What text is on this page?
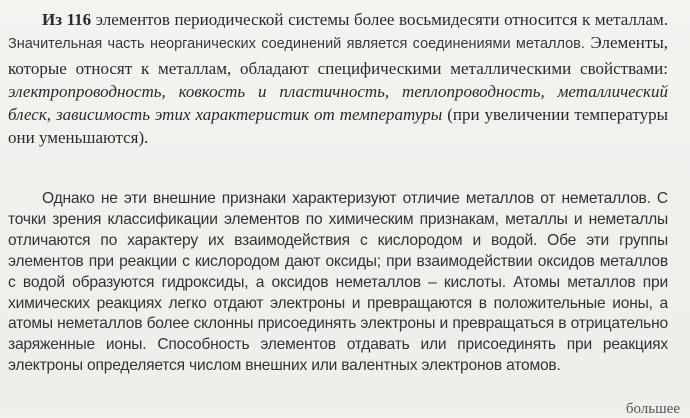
Из 116 элементов периодической системы более восьмидесяти относится к металлам. Значительная часть неорганических соединений является соединениями металлов. Элементы, которые относят к металлам, обладают специфическими металлическими свойствами: электропроводность, ковкость и пластичность, теплопроводность, металлический блеск, зависимость этих характеристик от температуры (при увеличении температуры они уменьшаются).

Однако не эти внешние признаки характеризуют отличие металлов от неметаллов. С точки зрения классификации элементов по химическим признакам, металлы и неметаллы отличаются по характеру их взаимодействия с кислородом и водой. Обе эти группы элементов при реакции с кислородом дают оксиды; при взаимодействии оксидов металлов с водой образуются гидроксиды, а оксидов неметаллов – кислоты. Атомы металлов при химических реакциях легко отдают электроны и превращаются в положительные ионы, а атомы неметаллов более склонны присоединять электроны и превращаться в отрицательно заряженные ионы. Способность элементов отдавать или присоединять при реакциях электроны определяется числом внешних или валентных электронов атомов.

большее
